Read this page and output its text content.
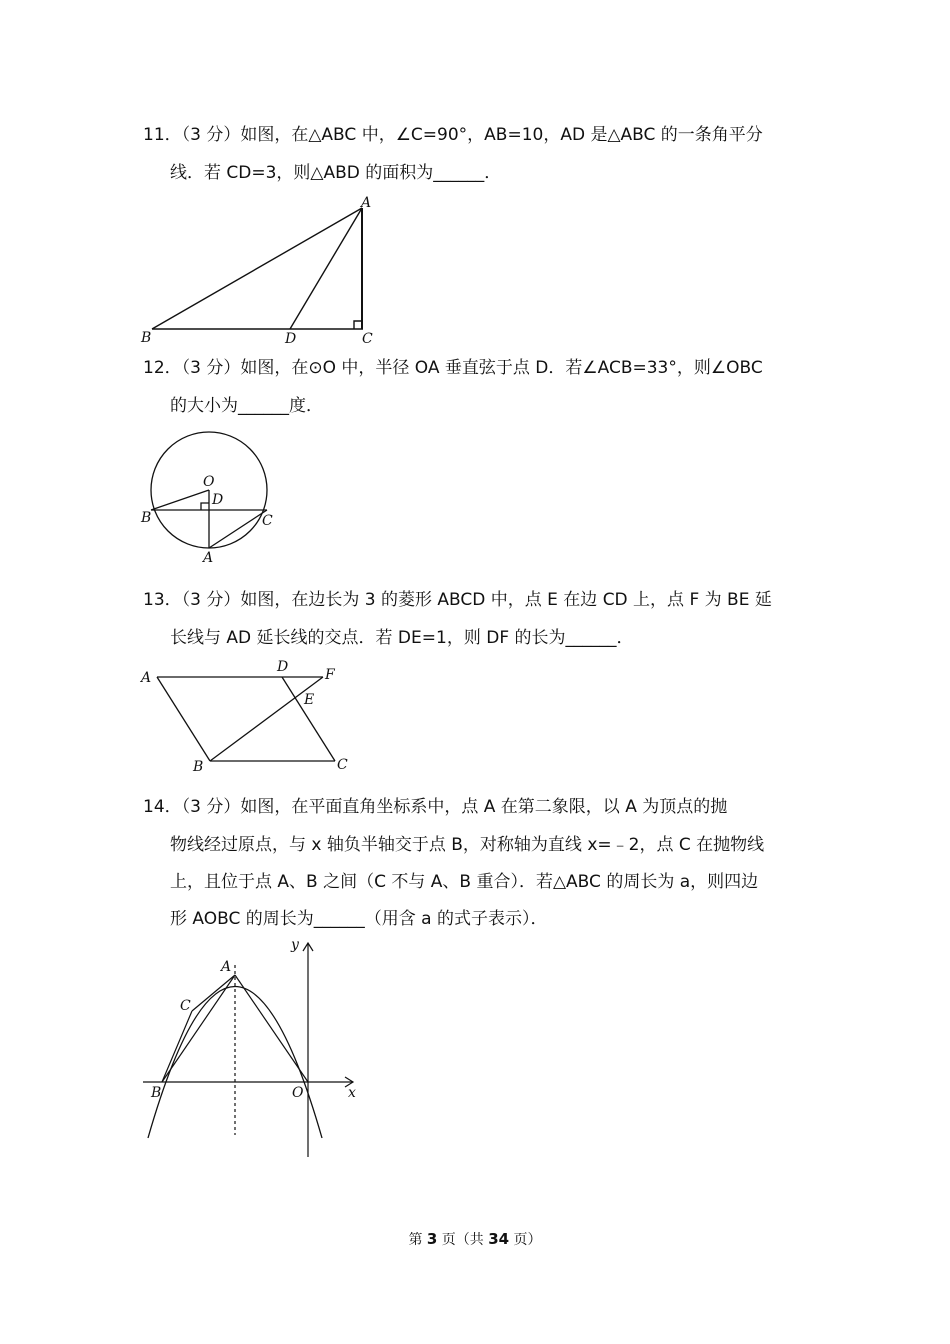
11．（3 分）如图，在△ABC 中，∠C=90°，AB=10，AD 是△ABC 的一条角平分
线．若 CD=3，则△ABD 的面积为______．
A
B	D	C
12．（3 分）如图，在⊙O 中，半径 OA 垂直弦于点 D．若∠ACB=33°，则∠OBC
的大小为______度．
O
D
B	C
A
13．（3 分）如图，在边长为 3 的菱形 ABCD 中，点 E 在边 CD 上，点 F 为 BE 延
长线与 AD 延长线的交点．若 DE=1，则 DF 的长为______．
A
D	F
E
B	C
14．（3 分）如图，在平面直角坐标系中，点 A 在第二象限，以 A 为顶点的抛
物线经过原点，与 x 轴负半轴交于点 B，对称轴为直线 x=﹣2，点 C 在抛物线
上，且位于点 A、B 之间（C 不与 A、B 重合）．若△ABC 的周长为 a，则四边
形 AOBC 的周长为______（用含 a 的式子表示）．
y
A
C
B	O	x
第 3 页（共 34 页）
